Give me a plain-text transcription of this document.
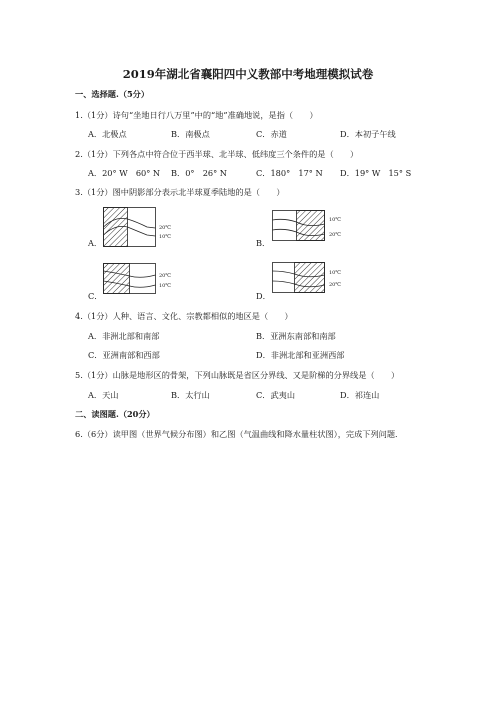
2019年湖北省襄阳四中义教部中考地理模拟试卷
一、选择题.（5分）
1.（1分）诗句“坐地日行八万里”中的“地”准确地说，是指（　　）
A．北极点	B．南极点	C．赤道	D．本初子午线
2.（1分）下列各点中符合位于西半球、北半球、低纬度三个条件的是（　　）
A．20° W　60° N B．0°　26° N	C．180°　17° N D．19° W　15° S
3.（1分）图中阴影部分表示北半球夏季陆地的是（　　）
20℃
10℃
A．
10℃
20℃
B．
20℃
10℃
C．
10℃
20℃
D．
4.（1分）人种、语言、文化、宗教都相似的地区是（　　）
A．非洲北部和南部	B．亚洲东南部和南部
C．亚洲南部和西部	D．非洲北部和亚洲西部
5.（1分）山脉是地形区的骨架，下列山脉既是省区分界线、又是阶梯的分界线是（　　）
A．天山	B．太行山	C．武夷山	D．祁连山
二、读图题.（20分）
6.（6分）读甲图（世界气候分布图）和乙图（气温曲线和降水量柱状图），完成下列问题．
